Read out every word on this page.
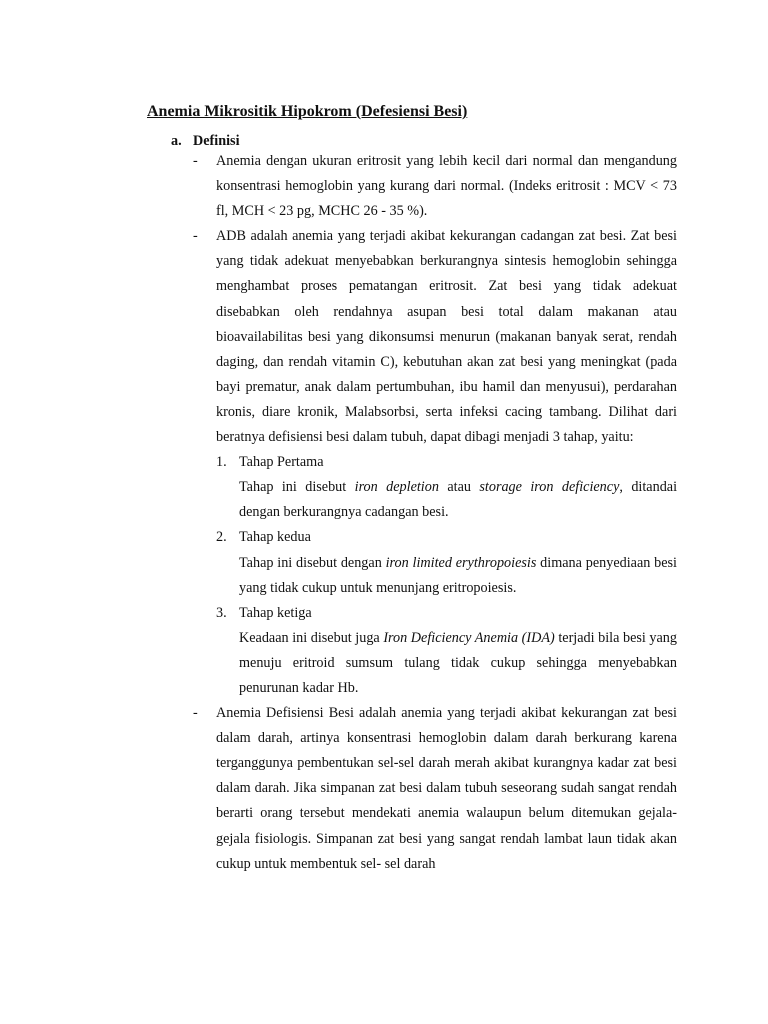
Anemia Mikrositik Hipokrom (Defesiensi Besi)
a. Definisi
- Anemia dengan ukuran eritrosit yang lebih kecil dari normal dan mengandung konsentrasi hemoglobin yang kurang dari normal. (Indeks eritrosit : MCV < 73 fl, MCH < 23 pg, MCHC 26 - 35 %).
- ADB adalah anemia yang terjadi akibat kekurangan cadangan zat besi. Zat besi yang tidak adekuat menyebabkan berkurangnya sintesis hemoglobin sehingga menghambat proses pematangan eritrosit. Zat besi yang tidak adekuat disebabkan oleh rendahnya asupan besi total dalam makanan atau bioavailabilitas besi yang dikonsumsi menurun (makanan banyak serat, rendah daging, dan rendah vitamin C), kebutuhan akan zat besi yang meningkat (pada bayi prematur, anak dalam pertumbuhan, ibu hamil dan menyusui), perdarahan kronis, diare kronik, Malabsorbsi, serta infeksi cacing tambang. Dilihat dari beratnya defisiensi besi dalam tubuh, dapat dibagi menjadi 3 tahap, yaitu:
1. Tahap Pertama
Tahap ini disebut iron depletion atau storage iron deficiency, ditandai dengan berkurangnya cadangan besi.
2. Tahap kedua
Tahap ini disebut dengan iron limited erythropoiesis dimana penyediaan besi yang tidak cukup untuk menunjang eritropoiesis.
3. Tahap ketiga
Keadaan ini disebut juga Iron Deficiency Anemia (IDA) terjadi bila besi yang menuju eritroid sumsum tulang tidak cukup sehingga menyebabkan penurunan kadar Hb.
- Anemia Defisiensi Besi adalah anemia yang terjadi akibat kekurangan zat besi dalam darah, artinya konsentrasi hemoglobin dalam darah berkurang karena terganggunya pembentukan sel-sel darah merah akibat kurangnya kadar zat besi dalam darah. Jika simpanan zat besi dalam tubuh seseorang sudah sangat rendah berarti orang tersebut mendekati anemia walaupun belum ditemukan gejala-gejala fisiologis. Simpanan zat besi yang sangat rendah lambat laun tidak akan cukup untuk membentuk sel- sel darah
